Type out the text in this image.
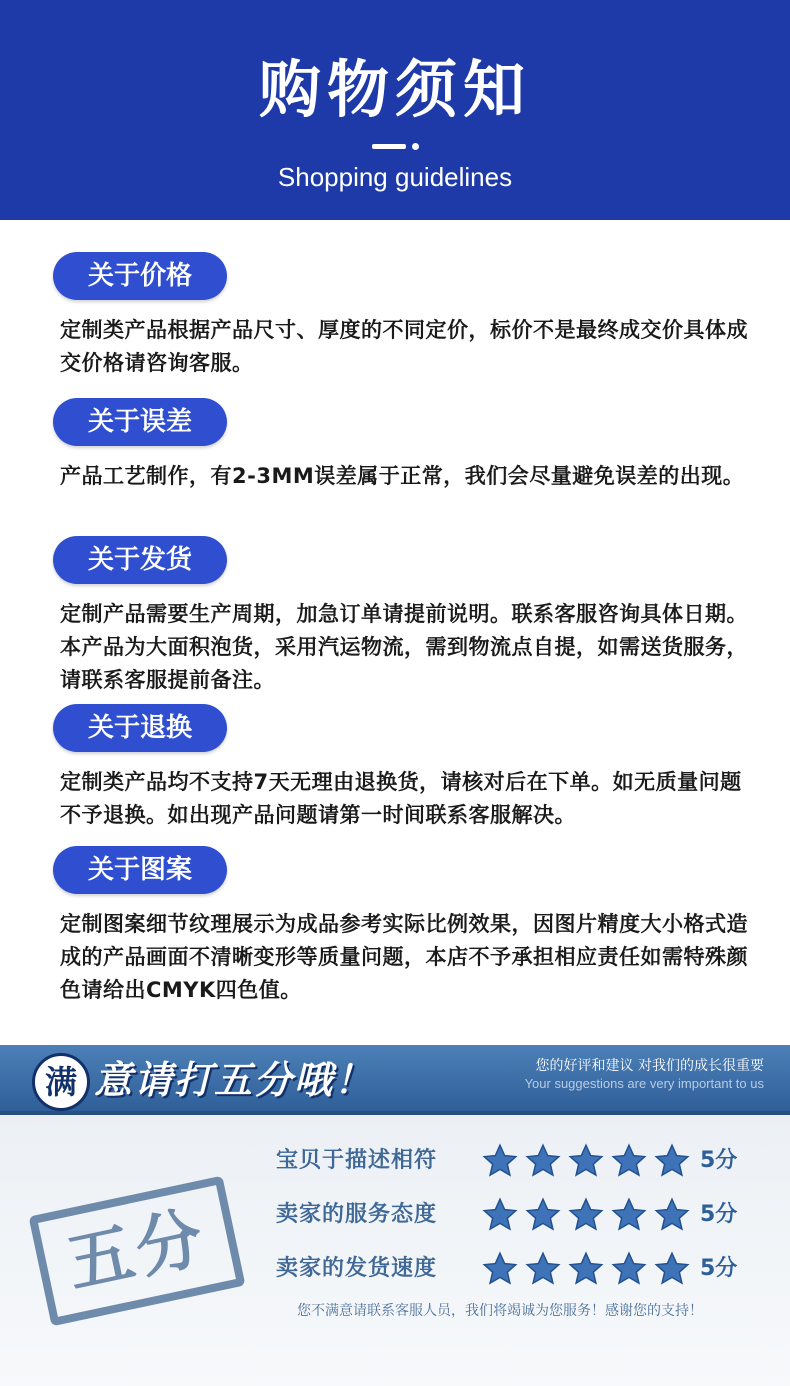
购物须知
Shopping guidelines
关于价格
定制类产品根据产品尺寸、厚度的不同定价，标价不是最终成交价具体成交价格请咨询客服。
关于误差
产品工艺制作，有2-3MM误差属于正常，我们会尽量避免误差的出现。
关于发货
定制产品需要生产周期，加急订单请提前说明。联系客服咨询具体日期。本产品为大面积泡货，采用汽运物流，需到物流点自提，如需送货服务，请联系客服提前备注。
关于退换
定制类产品均不支持7天无理由退换货，请核对后在下单。如无质量问题不予退换。如出现产品问题请第一时间联系客服解决。
关于图案
定制图案细节纹理展示为成品参考实际比例效果，因图片精度大小格式造成的产品画面不清晰变形等质量问题，本店不予承担相应责任如需特殊颜色请给出CMYK四色值。
满 意请打五分哦！	您的好评和建议 对我们的成长很重要
Your suggestions are very important to us
五分
宝贝于描述相符	5分
卖家的服务态度	5分
卖家的发货速度	5分
您不满意请联系客服人员，我们将竭诚为您服务！感谢您的支持！
